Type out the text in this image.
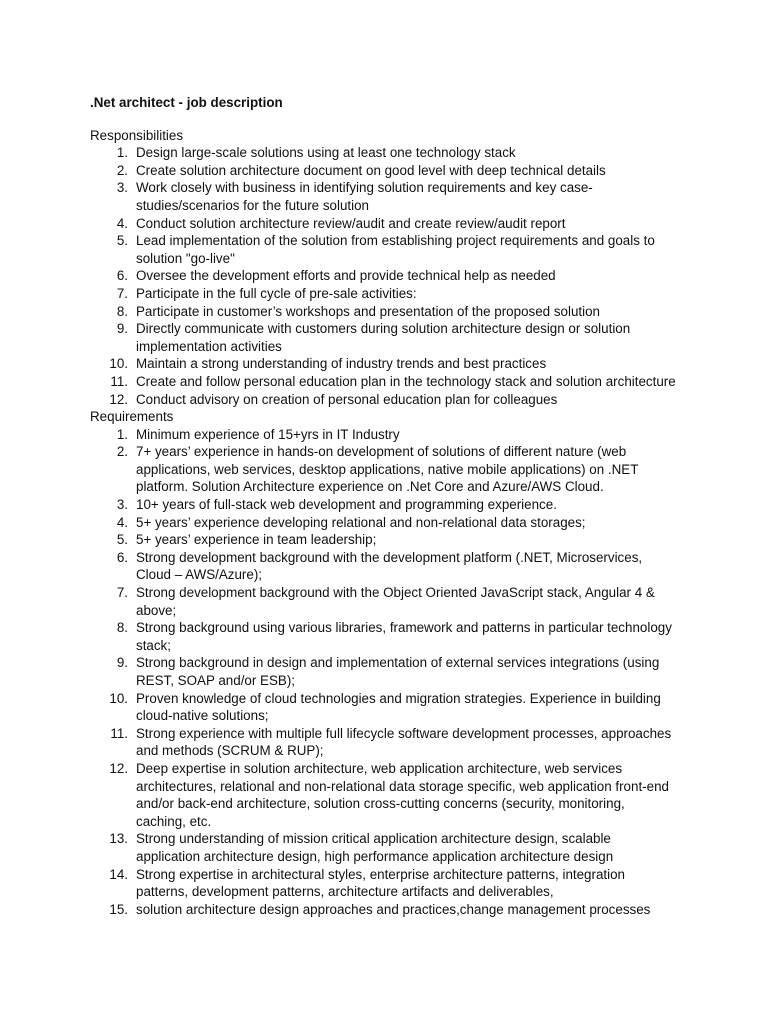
.Net architect - job description
Responsibilities
1. Design large-scale solutions using at least one technology stack
2. Create solution architecture document on good level with deep technical details
3. Work closely with business in identifying solution requirements and key case-studies/scenarios for the future solution
4. Conduct solution architecture review/audit and create review/audit report
5. Lead implementation of the solution from establishing project requirements and goals to solution "go-live"
6. Oversee the development efforts and provide technical help as needed
7. Participate in the full cycle of pre-sale activities:
8. Participate in customer’s workshops and presentation of the proposed solution
9. Directly communicate with customers during solution architecture design or solution implementation activities
10. Maintain a strong understanding of industry trends and best practices
11. Create and follow personal education plan in the technology stack and solution architecture
12. Conduct advisory on creation of personal education plan for colleagues
Requirements
1. Minimum experience of 15+yrs in IT Industry
2. 7+ years’ experience in hands-on development of solutions of different nature (web applications, web services, desktop applications, native mobile applications) on .NET platform. Solution Architecture experience on .Net Core and Azure/AWS Cloud.
3. 10+ years of full-stack web development and programming experience.
4. 5+ years’ experience developing relational and non-relational data storages;
5. 5+ years’ experience in team leadership;
6. Strong development background with the development platform (.NET, Microservices, Cloud – AWS/Azure);
7. Strong development background with the Object Oriented JavaScript stack, Angular 4 & above;
8. Strong background using various libraries, framework and patterns in particular technology stack;
9. Strong background in design and implementation of external services integrations (using REST, SOAP and/or ESB);
10. Proven knowledge of cloud technologies and migration strategies. Experience in building cloud-native solutions;
11. Strong experience with multiple full lifecycle software development processes, approaches and methods (SCRUM & RUP);
12. Deep expertise in solution architecture, web application architecture, web services architectures, relational and non-relational data storage specific, web application front-end and/or back-end architecture, solution cross-cutting concerns (security, monitoring, caching, etc.
13. Strong understanding of mission critical application architecture design, scalable application architecture design, high performance application architecture design
14. Strong expertise in architectural styles, enterprise architecture patterns, integration patterns, development patterns, architecture artifacts and deliverables,
15. solution architecture design approaches and practices,change management processes
